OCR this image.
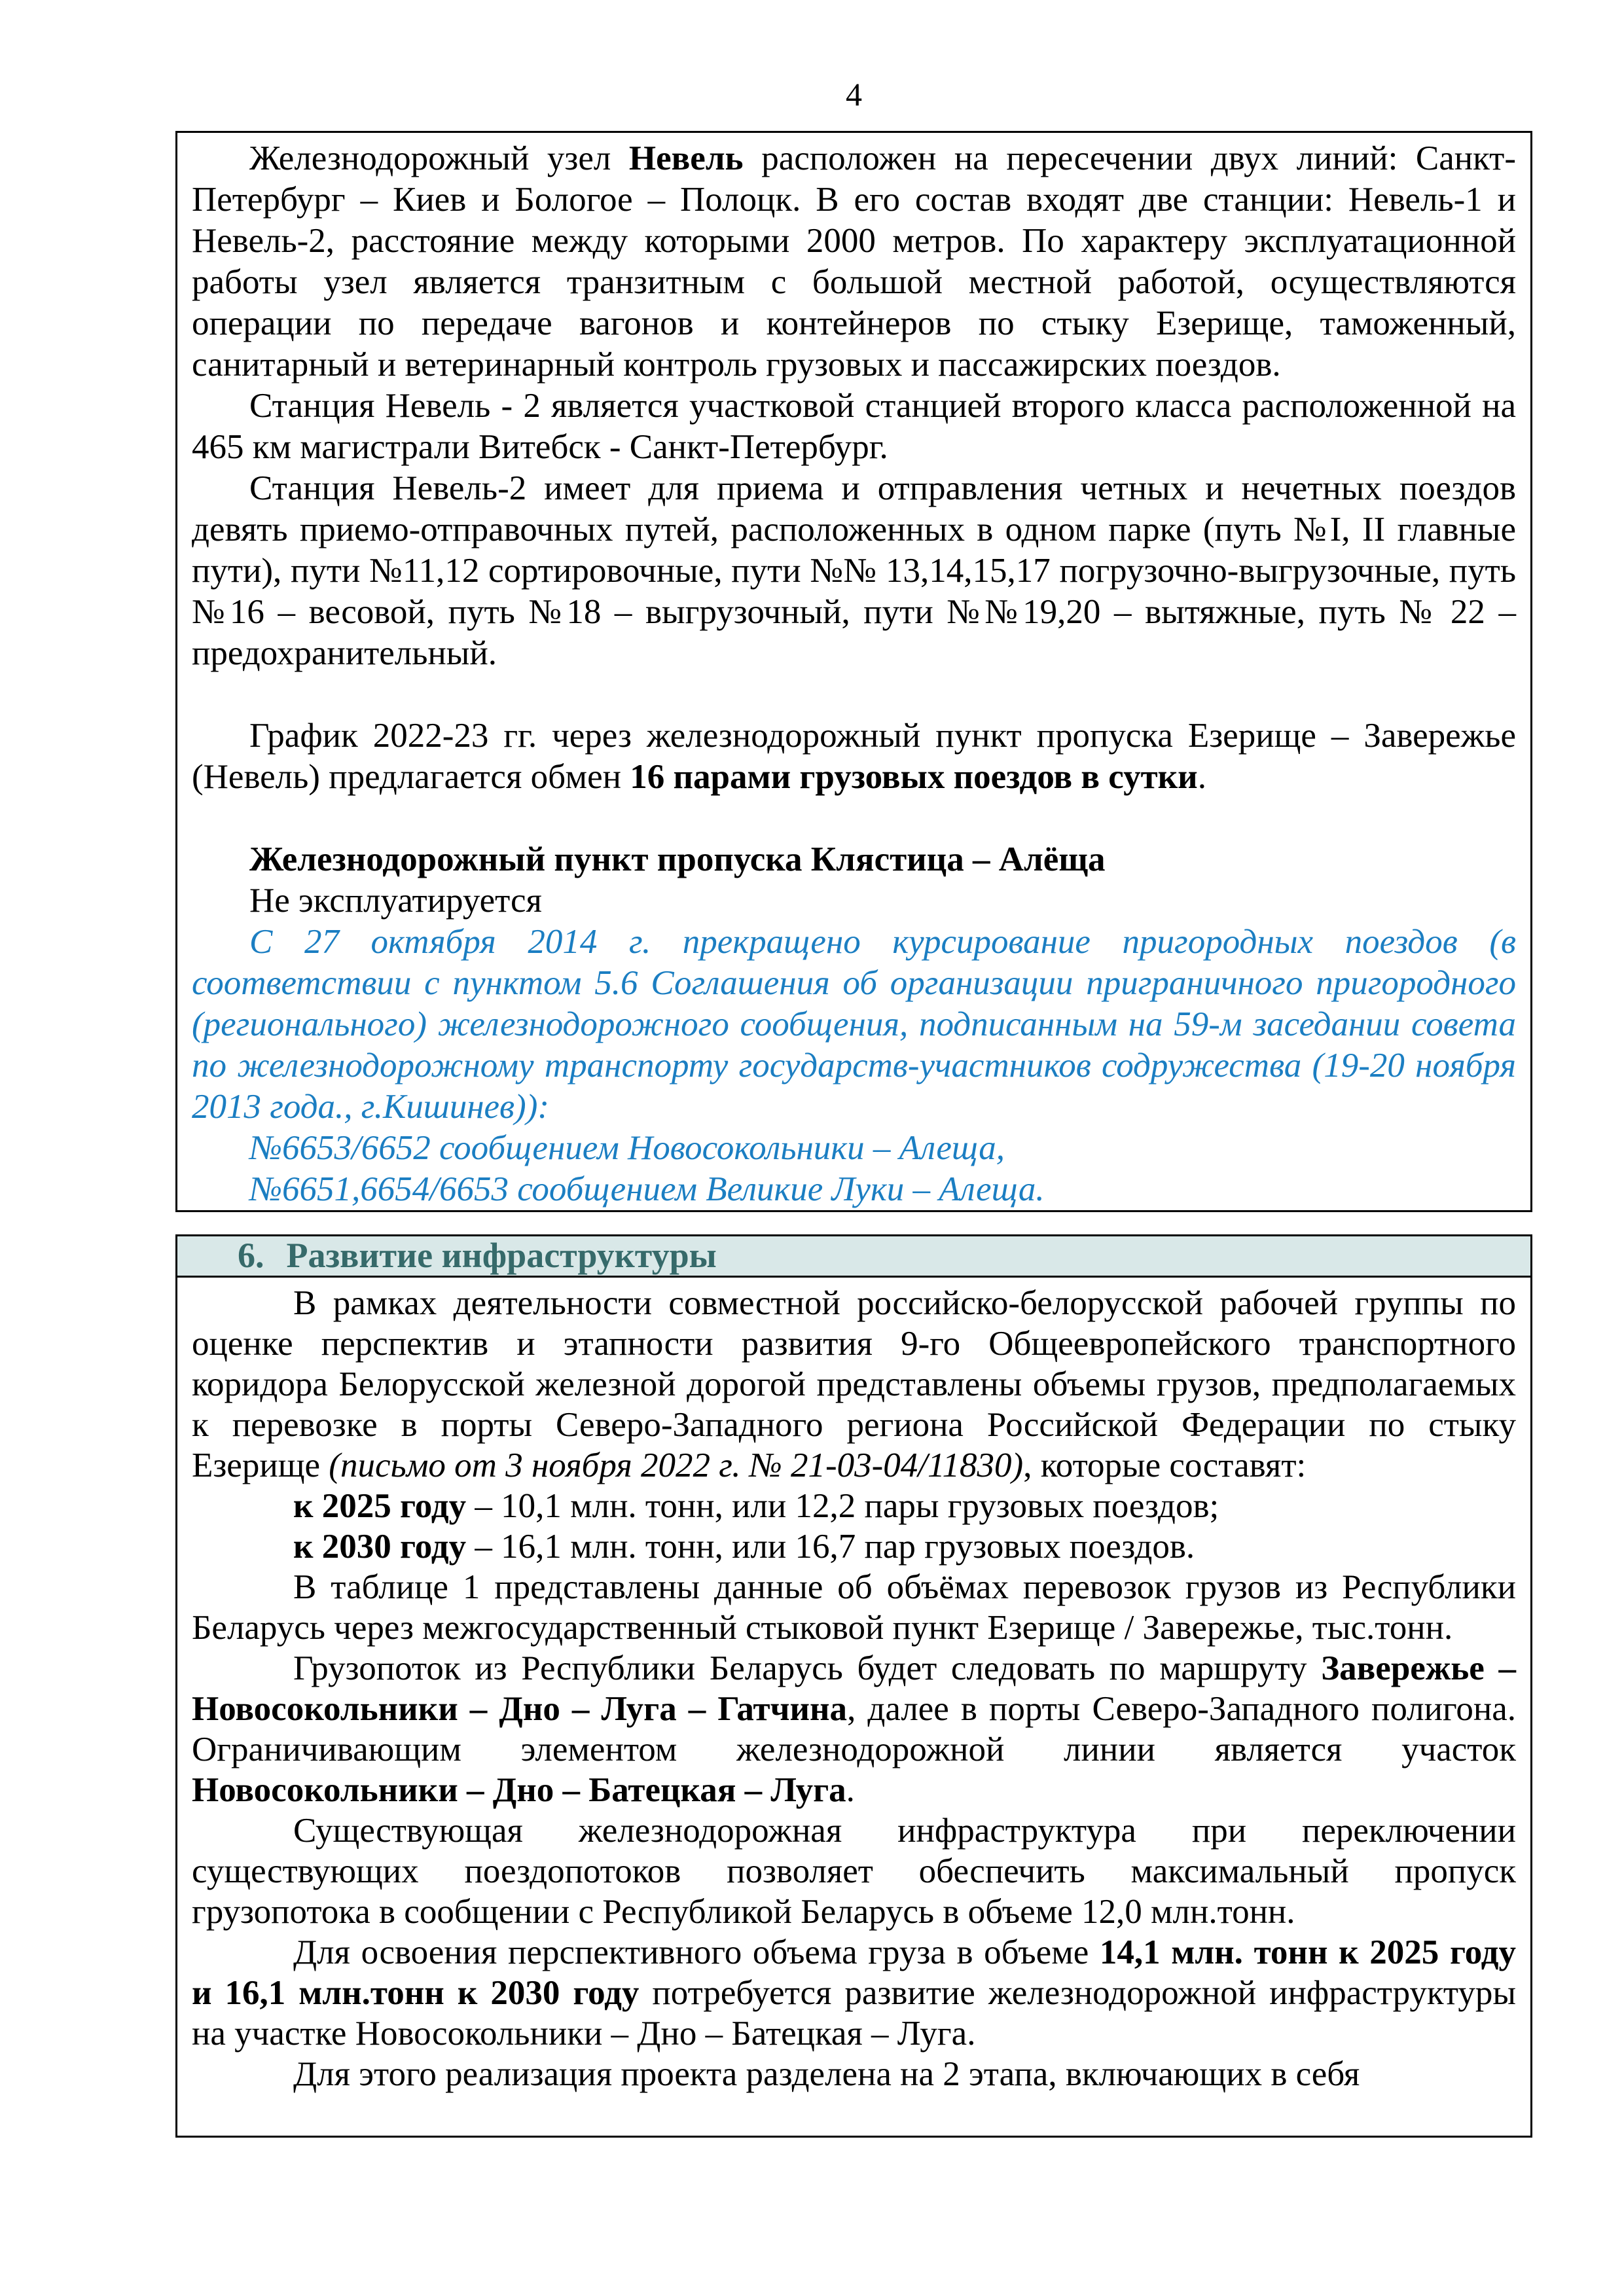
4

Железнодорожный узел Невель расположен на пересечении двух линий: Санкт-Петербург – Киев и Бологое – Полоцк. В его состав входят две станции: Невель-1 и Невель-2, расстояние между которыми 2000 метров. По характеру эксплуатационной работы узел является транзитным с большой местной работой, осуществляются операции по передаче вагонов и контейнеров по стыку Езерище, таможенный, санитарный и ветеринарный контроль грузовых и пассажирских поездов.

Станция Невель - 2 является участковой станцией второго класса расположенной на 465 км магистрали Витебск - Санкт-Петербург.

Станция Невель-2 имеет для приема и отправления четных и нечетных поездов девять приемо-отправочных путей, расположенных в одном парке (путь №I, II главные пути), пути №11,12 сортировочные, пути №№ 13,14,15,17 погрузочно-выгрузочные, путь №16 – весовой, путь №18 – выгрузочный, пути №№19,20 – вытяжные, путь № 22 – предохранительный.

График 2022-23 гг. через железнодорожный пункт пропуска Езерище – Завережье (Невель) предлагается обмен 16 парами грузовых поездов в сутки.

Железнодорожный пункт пропуска Клястица – Алёща

Не эксплуатируется

С 27 октября 2014 г. прекращено курсирование пригородных поездов (в соответствии с пунктом 5.6 Соглашения об организации приграничного пригородного (регионального) железнодорожного сообщения, подписанным на 59-м заседании совета по железнодорожному транспорту государств-участников содружества (19-20 ноября 2013 года., г.Кишинев)):

№6653/6652 сообщением Новосокольники – Алеща,

№6651,6654/6653 сообщением Великие Луки – Алеща.

6. Развитие инфраструктуры

В рамках деятельности совместной российско-белорусской рабочей группы по оценке перспектив и этапности развития 9-го Общеевропейского транспортного коридора Белорусской железной дорогой представлены объемы грузов, предполагаемых к перевозке в порты Северо-Западного региона Российской Федерации по стыку Езерище (письмо от 3 ноября 2022 г. № 21-03-04/11830), которые составят:

к 2025 году – 10,1 млн. тонн, или 12,2 пары грузовых поездов;

к 2030 году – 16,1 млн. тонн, или 16,7 пар грузовых поездов.

В таблице 1 представлены данные об объёмах перевозок грузов из Республики Беларусь через межгосударственный стыковой пункт Езерище / Завережье, тыс.тонн.

Грузопоток из Республики Беларусь будет следовать по маршруту Завережье – Новосокольники – Дно – Луга – Гатчина, далее в порты Северо-Западного полигона. Ограничивающим элементом железнодорожной линии является участок Новосокольники – Дно – Батецкая – Луга.

Существующая железнодорожная инфраструктура при переключении существующих поездопотоков позволяет обеспечить максимальный пропуск грузопотока в сообщении с Республикой Беларусь в объеме 12,0 млн.тонн.

Для освоения перспективного объема груза в объеме 14,1 млн. тонн к 2025 году и 16,1 млн.тонн к 2030 году потребуется развитие железнодорожной инфраструктуры на участке Новосокольники – Дно – Батецкая – Луга.

Для этого реализация проекта разделена на 2 этапа, включающих в себя
